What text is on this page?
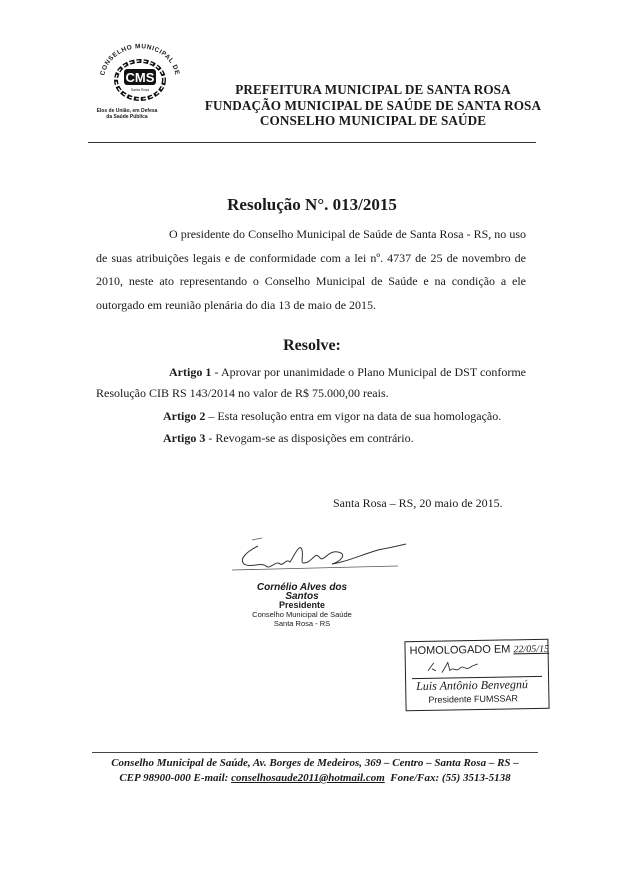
CONSELHO MUNICIPAL DE
CMS
Santa Rosa
Elos de União, em Defesa
da Saúde Pública
PREFEITURA MUNICIPAL DE SANTA ROSA
FUNDAÇÃO MUNICIPAL DE SAÚDE DE SANTA ROSA
CONSELHO MUNICIPAL DE SAÚDE
Resolução N°. 013/2015
O presidente do Conselho Municipal de Saúde de Santa Rosa - RS, no uso de suas atribuições legais e de conformidade com a lei nº. 4737 de 25 de novembro de 2010, neste ato representando o Conselho Municipal de Saúde e na condição a ele outorgado em reunião plenária do dia 13 de maio de 2015.
Resolve:
Artigo 1 - Aprovar por unanimidade o Plano Municipal de DST conforme Resolução CIB RS 143/2014 no valor de R$ 75.000,00 reais.
Artigo 2 – Esta resolução entra em vigor na data de sua homologação.
Artigo 3 - Revogam-se as disposições em contrário.
Santa Rosa – RS, 20 maio de 2015.
Cornélio Alves dos Santos
Presidente
Conselho Municipal de Saúde
Santa Rosa - RS
HOMOLOGADO EM 22/05/15
Luis Antônio Benvegnú
Presidente FUMSSAR
Conselho Municipal de Saúde, Av. Borges de Medeiros, 369 – Centro – Santa Rosa – RS –
CEP 98900-000 E-mail: conselhosaude2011@hotmail.com Fone/Fax: (55) 3513-5138
